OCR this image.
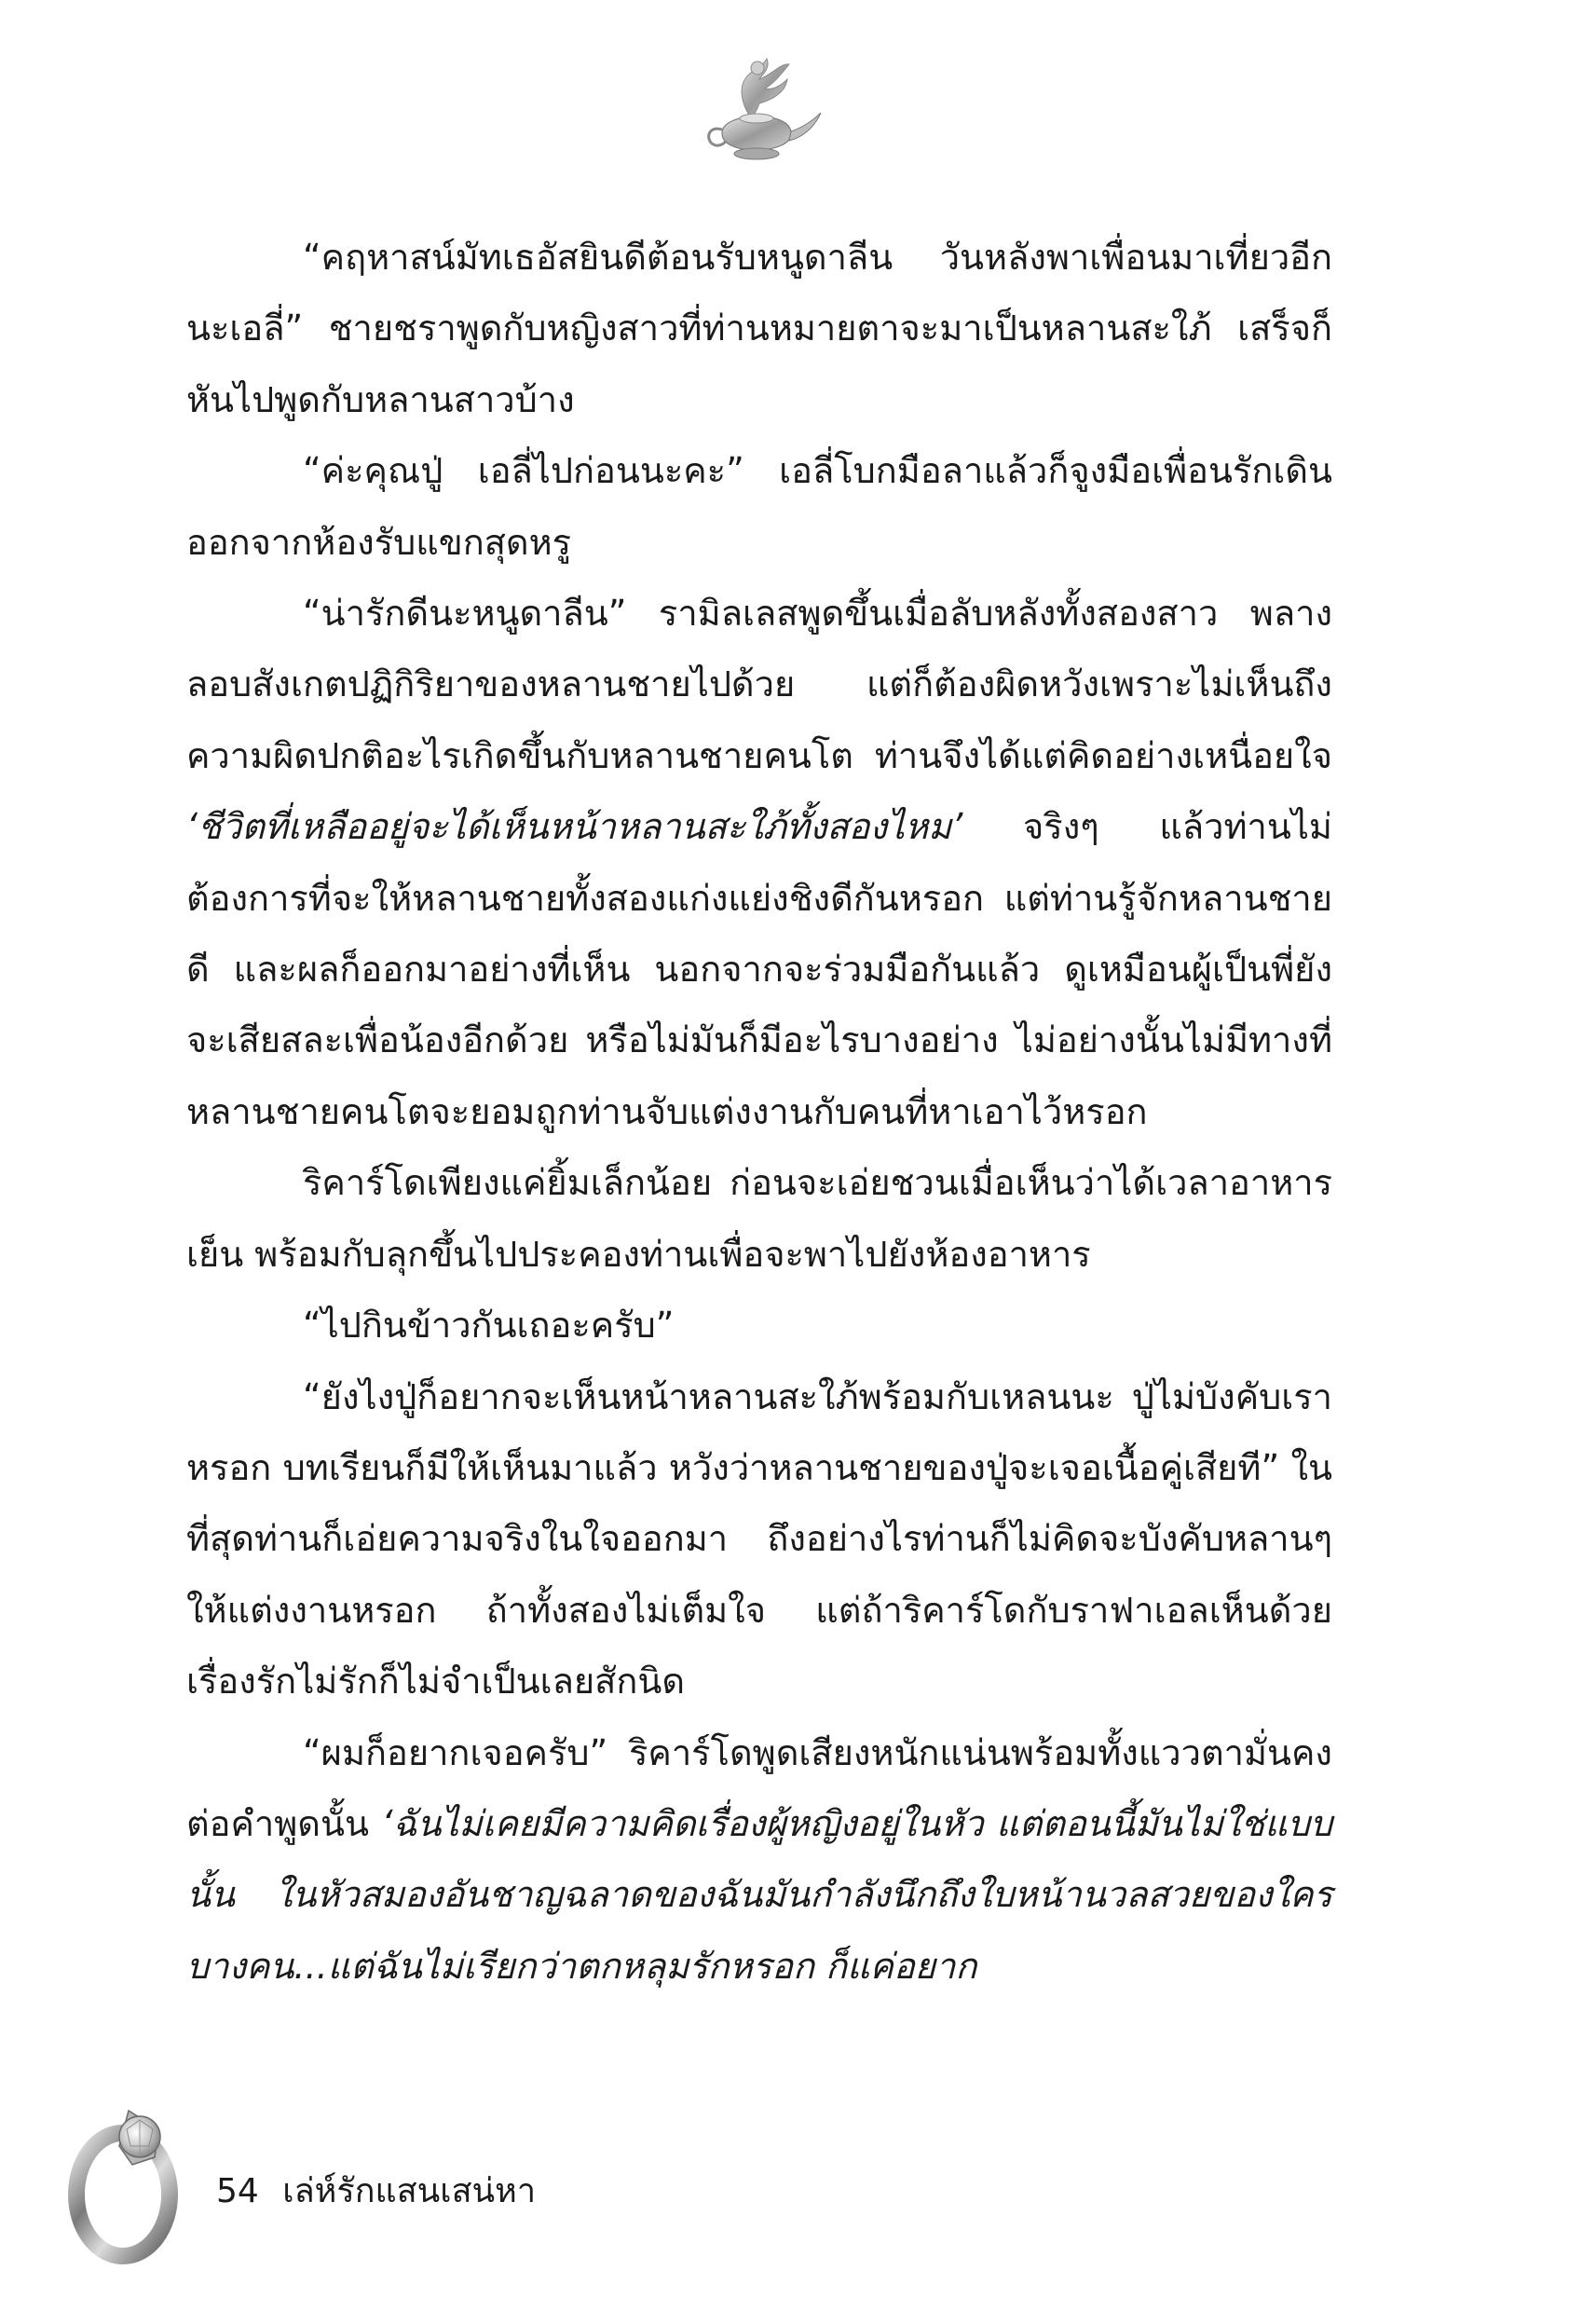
“คฤหาสน์มัทเธอัสยินดีต้อนรับหนูดาลีน วันหลังพาเพื่อนมาเที่ยวอีกนะเอลี่” ชายชราพูดกับหญิงสาวที่ท่านหมายตาจะมาเป็นหลานสะใภ้ เสร็จก็หันไปพูดกับหลานสาวบ้าง

“ค่ะคุณปู่ เอลี่ไปก่อนนะคะ” เอลี่โบกมือลาแล้วก็จูงมือเพื่อนรักเดินออกจากห้องรับแขกสุดหรู

“น่ารักดีนะหนูดาลีน” รามิลเลสพูดขึ้นเมื่อลับหลังทั้งสองสาว พลางลอบสังเกตปฏิกิริยาของหลานชายไปด้วย แต่ก็ต้องผิดหวังเพราะไม่เห็นถึงความผิดปกติอะไรเกิดขึ้นกับหลานชายคนโต ท่านจึงได้แต่คิดอย่างเหนื่อยใจ ‘ชีวิตที่เหลืออยู่จะได้เห็นหน้าหลานสะใภ้ทั้งสองไหม’ จริงๆ แล้วท่านไม่ต้องการที่จะให้หลานชายทั้งสองแก่งแย่งชิงดีกันหรอก แต่ท่านรู้จักหลานชายดี และผลก็ออกมาอย่างที่เห็น นอกจากจะร่วมมือกันแล้ว ดูเหมือนผู้เป็นพี่ยังจะเสียสละเพื่อน้องอีกด้วย หรือไม่มันก็มีอะไรบางอย่าง ไม่อย่างนั้นไม่มีทางที่หลานชายคนโตจะยอมถูกท่านจับแต่งงานกับคนที่หาเอาไว้หรอก

ริคาร์โดเพียงแค่ยิ้มเล็กน้อย ก่อนจะเอ่ยชวนเมื่อเห็นว่าได้เวลาอาหารเย็น พร้อมกับลุกขึ้นไปประคองท่านเพื่อจะพาไปยังห้องอาหาร

“ไปกินข้าวกันเถอะครับ”

“ยังไงปู่ก็อยากจะเห็นหน้าหลานสะใภ้พร้อมกับเหลนนะ ปู่ไม่บังคับเราหรอก บทเรียนก็มีให้เห็นมาแล้ว หวังว่าหลานชายของปู่จะเจอเนื้อคู่เสียที” ในที่สุดท่านก็เอ่ยความจริงในใจออกมา ถึงอย่างไรท่านก็ไม่คิดจะบังคับหลานๆ ให้แต่งงานหรอก ถ้าทั้งสองไม่เต็มใจ แต่ถ้าริคาร์โดกับราฟาเอลเห็นด้วย เรื่องรักไม่รักก็ไม่จำเป็นเลยสักนิด

“ผมก็อยากเจอครับ” ริคาร์โดพูดเสียงหนักแน่นพร้อมทั้งแววตามั่นคงต่อคำพูดนั้น ‘ฉันไม่เคยมีความคิดเรื่องผู้หญิงอยู่ในหัว แต่ตอนนี้มันไม่ใช่แบบนั้น ในหัวสมองอันชาญฉลาดของฉันมันกำลังนึกถึงใบหน้านวลสวยของใครบางคน...แต่ฉันไม่เรียกว่าตกหลุมรักหรอก ก็แค่อยาก

54 เล่ห์รักแสนเสน่หา
